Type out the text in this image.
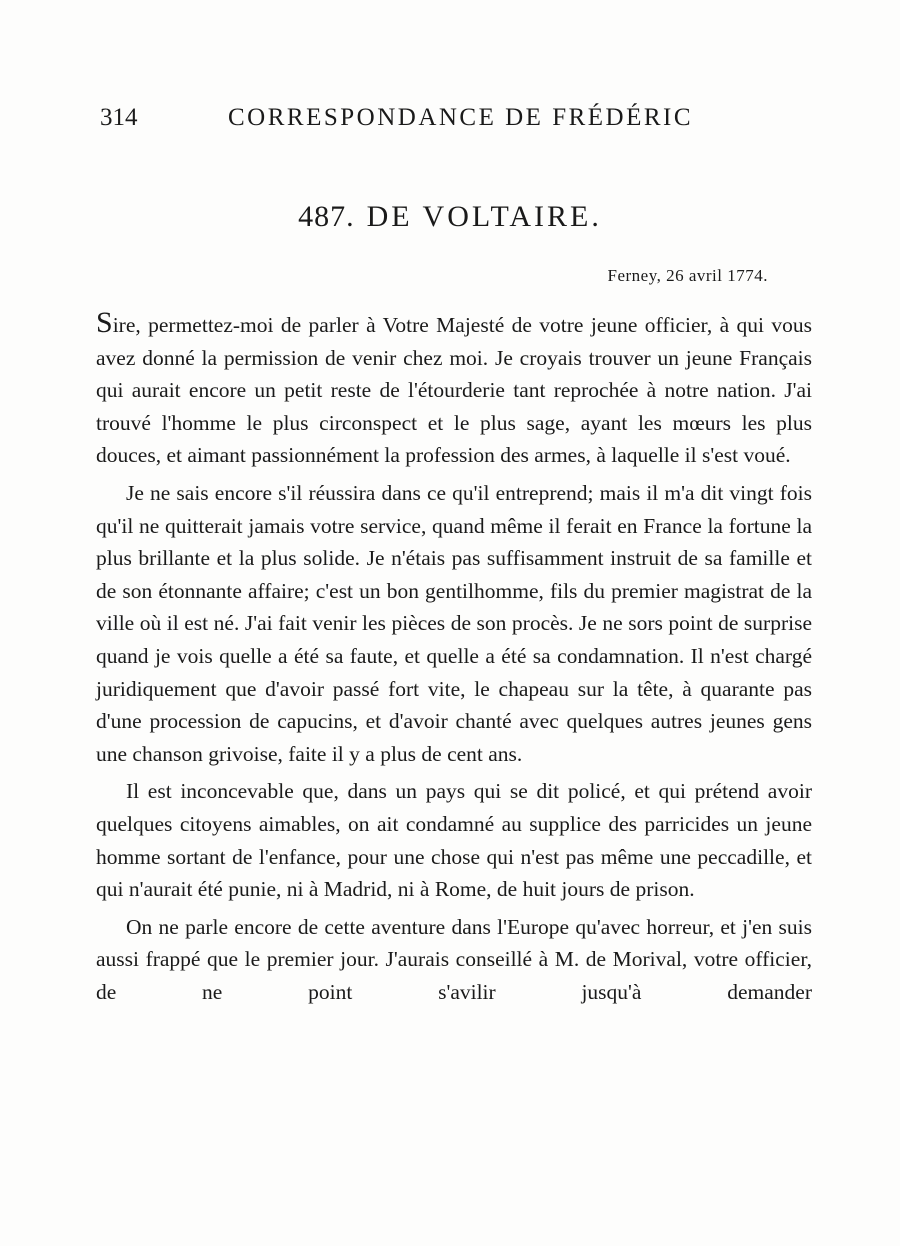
314	CORRESPONDANCE DE FRÉDÉRIC
487. DE VOLTAIRE.
Ferney, 26 avril 1774.

Sire, permettez-moi de parler à Votre Majesté de votre jeune officier, à qui vous avez donné la permission de venir chez moi. Je croyais trouver un jeune Français qui aurait encore un petit reste de l'étourderie tant reprochée à notre nation. J'ai trouvé l'homme le plus circonspect et le plus sage, ayant les mœurs les plus douces, et aimant passionnément la profession des armes, à laquelle il s'est voué.

Je ne sais encore s'il réussira dans ce qu'il entreprend; mais il m'a dit vingt fois qu'il ne quitterait jamais votre service, quand même il ferait en France la fortune la plus brillante et la plus solide. Je n'étais pas suffisamment instruit de sa famille et de son étonnante affaire; c'est un bon gentilhomme, fils du premier magistrat de la ville où il est né. J'ai fait venir les pièces de son procès. Je ne sors point de surprise quand je vois quelle a été sa faute, et quelle a été sa condamnation. Il n'est chargé juridiquement que d'avoir passé fort vite, le chapeau sur la tête, à quarante pas d'une procession de capucins, et d'avoir chanté avec quelques autres jeunes gens une chanson grivoise, faite il y a plus de cent ans.

Il est inconcevable que, dans un pays qui se dit policé, et qui prétend avoir quelques citoyens aimables, on ait condamné au supplice des parricides un jeune homme sortant de l'enfance, pour une chose qui n'est pas même une peccadille, et qui n'aurait été punie, ni à Madrid, ni à Rome, de huit jours de prison.

On ne parle encore de cette aventure dans l'Europe qu'avec horreur, et j'en suis aussi frappé que le premier jour. J'aurais conseillé à M. de Morival, votre officier, de ne point s'avilir jusqu'à demander
